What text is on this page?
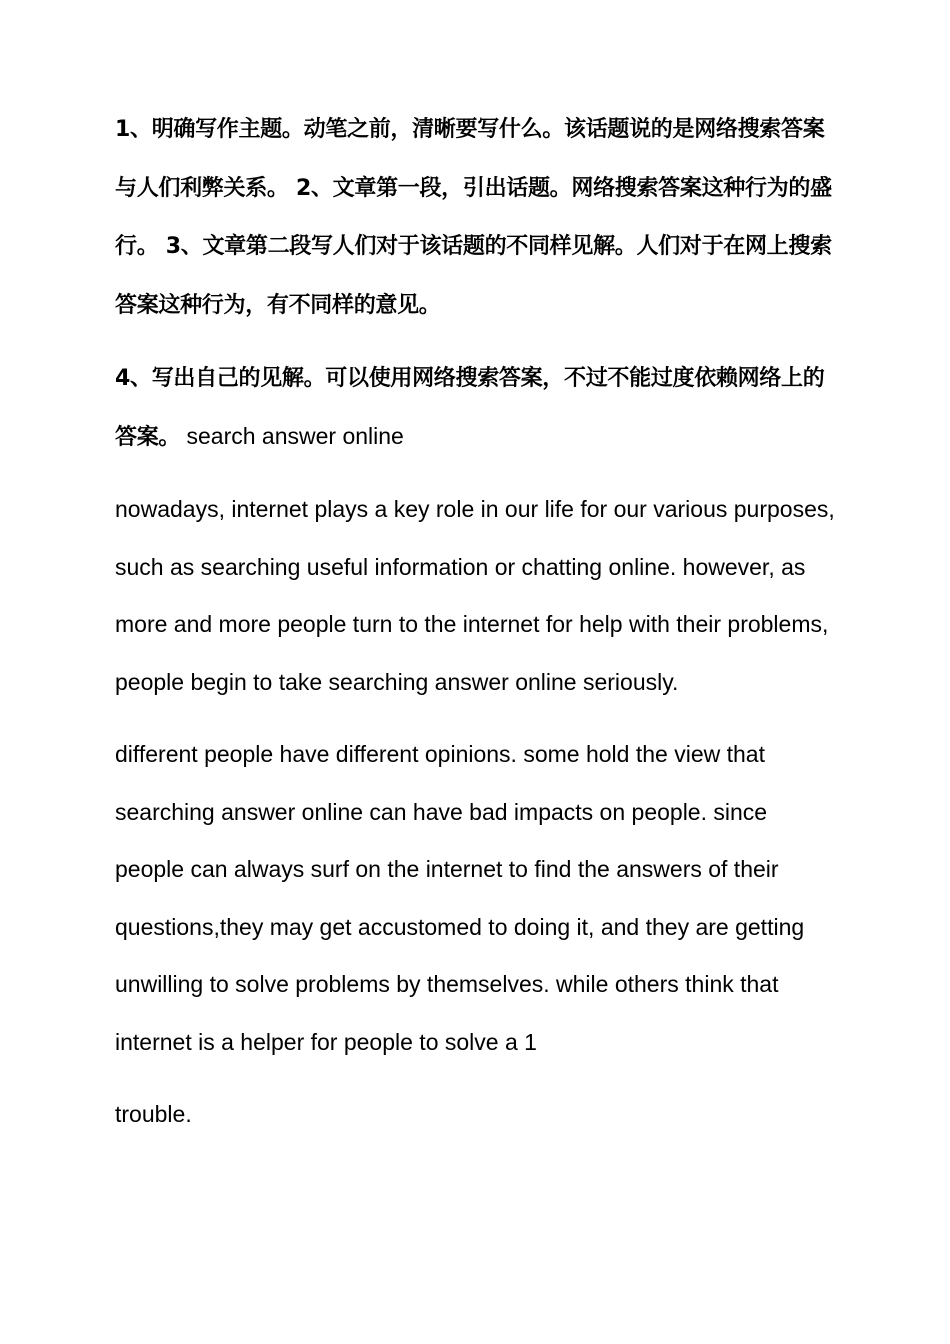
1、明确写作主题。动笔之前，清晰要写什么。该话题说的是网络搜索答案与人们利弊关系。 2、文章第一段，引出话题。网络搜索答案这种行为的盛行。 3、文章第二段写人们对于该话题的不同样见解。人们对于在网上搜索答案这种行为，有不同样的意见。

4、写出自己的见解。可以使用网络搜索答案，不过不能过度依赖网络上的答案。 search answer online

nowadays, internet plays a key role in our life for our various purposes, such as searching useful information or chatting online. however, as more and more people turn to the internet for help with their problems, people begin to take searching answer online seriously.

different people have different opinions. some hold the view that searching answer online can have bad impacts on people. since people can always surf on the internet to find the answers of their questions,they may get accustomed to doing it, and they are getting unwilling to solve problems by themselves. while others think that internet is a helper for people to solve a 1

trouble.
